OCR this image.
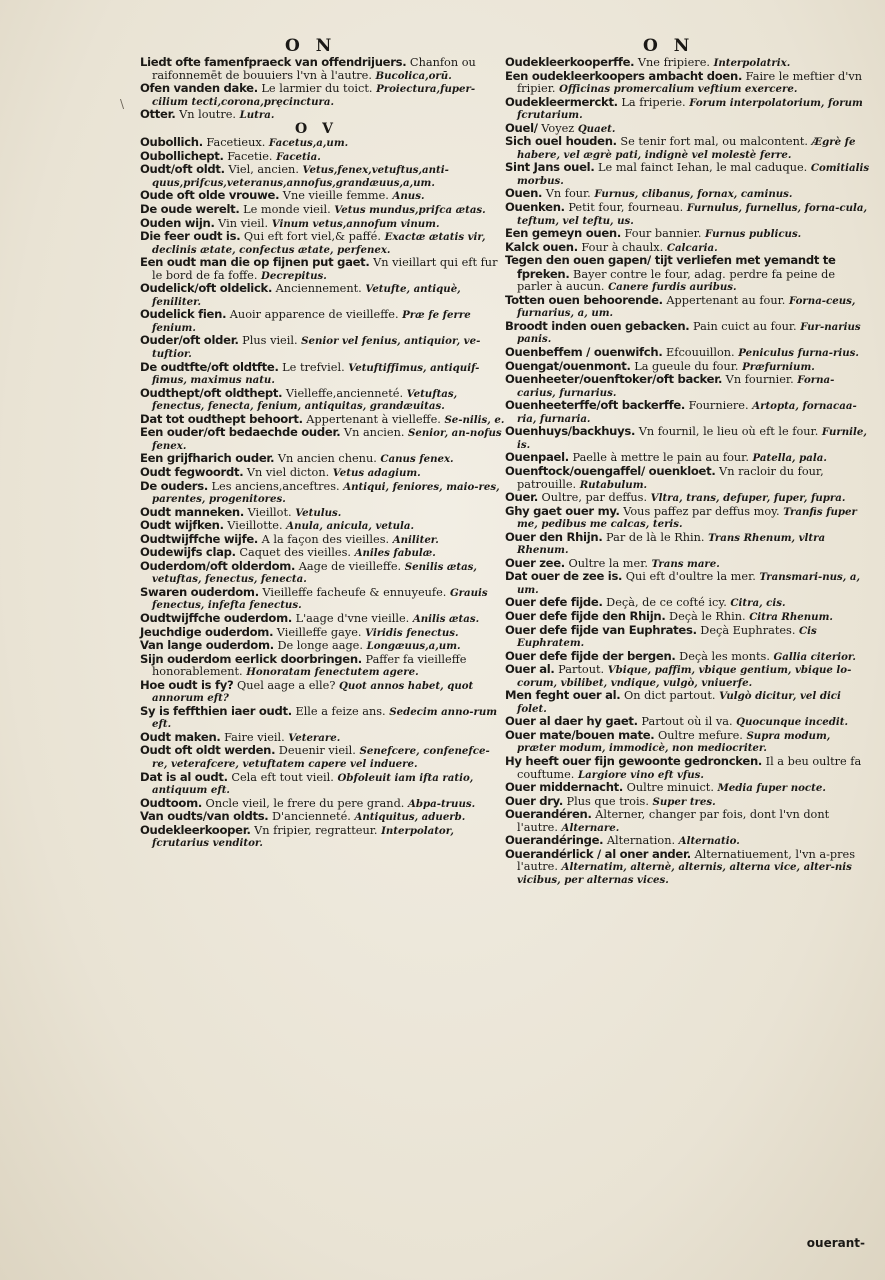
O N	O N
\

Liedt ofte famenfpraeck van offendrijuers. Chanfon ou raifonnemēt de bouuiers l'vn à l'autre. Bucolica,orū.

Ofen vanden dake. Le larmier du toict. Proiectura,fuper-cilium tecti,corona,pręcinctura.

Otter. Vn loutre. Lutra.

O V

Oubollich. Facetieux. Facetus,a,um.

Oubollichept. Facetie. Facetia.

Oudt/oft oldt. Viel, ancien. Vetus,fenex,vetuftus,anti-quus,prifcus,veteranus,annofus,grandæuus,a,um.

Oude oft olde vrouwe. Vne vieille femme. Anus.

De oude werelt. Le monde vieil. Vetus mundus,prifca ætas.

Ouden wijn. Vin vieil. Vinum vetus,annofum vinum.

Die feer oudt is. Qui eft fort viel,& paffé. Exactæ ætatis vir, declinis ætate, confectus ætate, perfenex.

Een oudt man die op fijnen put gaet. Vn vieillart qui eft fur le bord de fa foffe. Decrepitus.

Oudelick/oft oldelick. Anciennement. Vetufte, antiquè, feniliter.

Oudelick fien. Auoir apparence de vieilleffe. Præ fe ferre fenium.

Ouder/oft older. Plus vieil. Senior vel fenius, antiquior, ve-tuftior.

De oudtfte/oft oldtfte. Le trefviel. Vetuftiffimus, antiquif-fimus, maximus natu.

Oudthept/oft oldthept. Vielleffe,ancienneté. Vetuftas, fenectus, fenecta, fenium, antiquitas, grandæuitas.

Dat tot oudthept behoort. Appertenant à vielleffe. Se-nilis, e.

Een ouder/oft bedaechde ouder. Vn ancien. Senior, an-nofus fenex.

Een grijfharich ouder. Vn ancien chenu. Canus fenex.

Oudt fegwoordt. Vn viel dicton. Vetus adagium.

De ouders. Les anciens,anceftres. Antiqui, feniores, maio-res, parentes, progenitores.

Oudt manneken. Vieillot. Vetulus.

Oudt wijfken. Vieillotte. Anula, anicula, vetula.

Oudtwijffche wijfe. A la façon des vieilles. Aniliter.

Oudewijfs clap. Caquet des vieilles. Aniles fabulæ.

Ouderdom/oft olderdom. Aage de vieilleffe. Senilis ætas, vetuftas, fenectus, fenecta.

Swaren ouderdom. Vieilleffe facheufe & ennuyeufe. Grauis fenectus, infefta fenectus.

Oudtwijffche ouderdom. L'aage d'vne vieille. Anilis ætas.

Jeuchdige ouderdom. Vieilleffe gaye. Viridis fenectus.

Van lange ouderdom. De longe aage. Longæuus,a,um.

Sijn ouderdom eerlick doorbringen. Paffer fa vieilleffe honorablement. Honoratam fenectutem agere.

Hoe oudt is fy? Quel aage a elle? Quot annos habet, quot annorum eft?

Sy is feffthien iaer oudt. Elle a feize ans. Sedecim anno-rum eft.

Oudt maken. Faire vieil. Veterare.

Oudt oft oldt werden. Deuenir vieil. Senefcere, confenefce-re, veterafcere, vetuftatem capere vel induere.

Dat is al oudt. Cela eft tout vieil. Obfoleuit iam ifta ratio, antiquum eft.

Oudtoom. Oncle vieil, le frere du pere grand. Abpa-truus.

Van oudts/van oldts. D'ancienneté. Antiquitus, aduerb.

Oudekleerkooper. Vn fripier, regratteur. Interpolator, fcrutarius venditor.

Oudekleerkooperffe. Vne fripiere. Interpolatrix.

Een oudekleerkoopers ambacht doen. Faire le meftier d'vn fripier. Officinas promercalium veftium exercere.

Oudekleermerckt. La friperie. Forum interpolatorium, forum fcrutarium.

Ouel/ Voyez Quaet.

Sich ouel houden. Se tenir fort mal, ou malcontent. Ægrè fe habere, vel ægrè pati, indignè vel molestè ferre.

Sint Jans ouel. Le mal fainct Iehan, le mal caduque. Comitialis morbus.

Ouen. Vn four. Furnus, clibanus, fornax, caminus.

Ouenken. Petit four, fourneau. Furnulus, furnellus, forna-cula, teftum, vel teftu, us.

Een gemeyn ouen. Four bannier. Furnus publicus.

Kalck ouen. Four à chaulx. Calcaria.

Tegen den ouen gapen/ tijt verliefen met yemandt te fpreken. Bayer contre le four, adag. perdre fa peine de parler à aucun. Canere furdis auribus.

Totten ouen behoorende. Appertenant au four. Forna-ceus, furnarius, a, um.

Broodt inden ouen gebacken. Pain cuict au four. Fur-narius panis.

Ouenbeffem / ouenwifch. Efcouuillon. Peniculus furna-rius.

Ouengat/ouenmont. La gueule du four. Præfurnium.

Ouenheeter/ouenftoker/oft backer. Vn fournier. Forna-carius, furnarius.

Ouenheeterffe/oft backerffe. Fourniere. Artopta, fornacaa-ria, furnaria.

Ouenhuys/backhuys. Vn fournil, le lieu où eft le four. Furnile, is.

Ouenpael. Paelle à mettre le pain au four. Patella, pala.

Ouenftock/ouengaffel/ ouenkloet. Vn racloir du four, patrouille. Rutabulum.

Ouer. Oultre, par deffus. Vltra, trans, defuper, fuper, fupra.

Ghy gaet ouer my. Vous paffez par deffus moy. Tranfis fuper me, pedibus me calcas, teris.

Ouer den Rhijn. Par de là le Rhin. Trans Rhenum, vltra Rhenum.

Ouer zee. Oultre la mer. Trans mare.

Dat ouer de zee is. Qui eft d'oultre la mer. Transmari-nus, a, um.

Ouer defe fijde. Deçà, de ce cofté icy. Citra, cis.

Ouer defe fijde den Rhijn. Deçà le Rhin. Citra Rhenum.

Ouer defe fijde van Euphrates. Deçà Euphrates. Cis Euphratem.

Ouer defe fijde der bergen. Deçà les monts. Gallia citerior.

Ouer al. Partout. Vbique, paffim, vbique gentium, vbique lo-corum, vbilibet, vndique, vulgò, vniuerfe.

Men feght ouer al. On dict partout. Vulgò dicitur, vel dici folet.

Ouer al daer hy gaet. Partout où il va. Quocunque incedit.

Ouer mate/bouen mate. Oultre mefure. Supra modum, præter modum, immodicè, non mediocriter.

Hy heeft ouer fijn gewoonte gedroncken. Il a beu oultre fa couftume. Largiore vino eft vfus.

Ouer middernacht. Oultre minuict. Media fuper nocte.

Ouer dry. Plus que trois. Super tres.

Ouerandéren. Alterner, changer par fois, dont l'vn dont l'autre. Alternare.

Ouerandéringe. Alternation. Alternatio.

Ouerandérlick / al oner ander. Alternatiuement, l'vn a-pres l'autre. Alternatim, alternè, alternis, alterna vice, alter-nis vicibus, per alternas vices.

ouerant-
